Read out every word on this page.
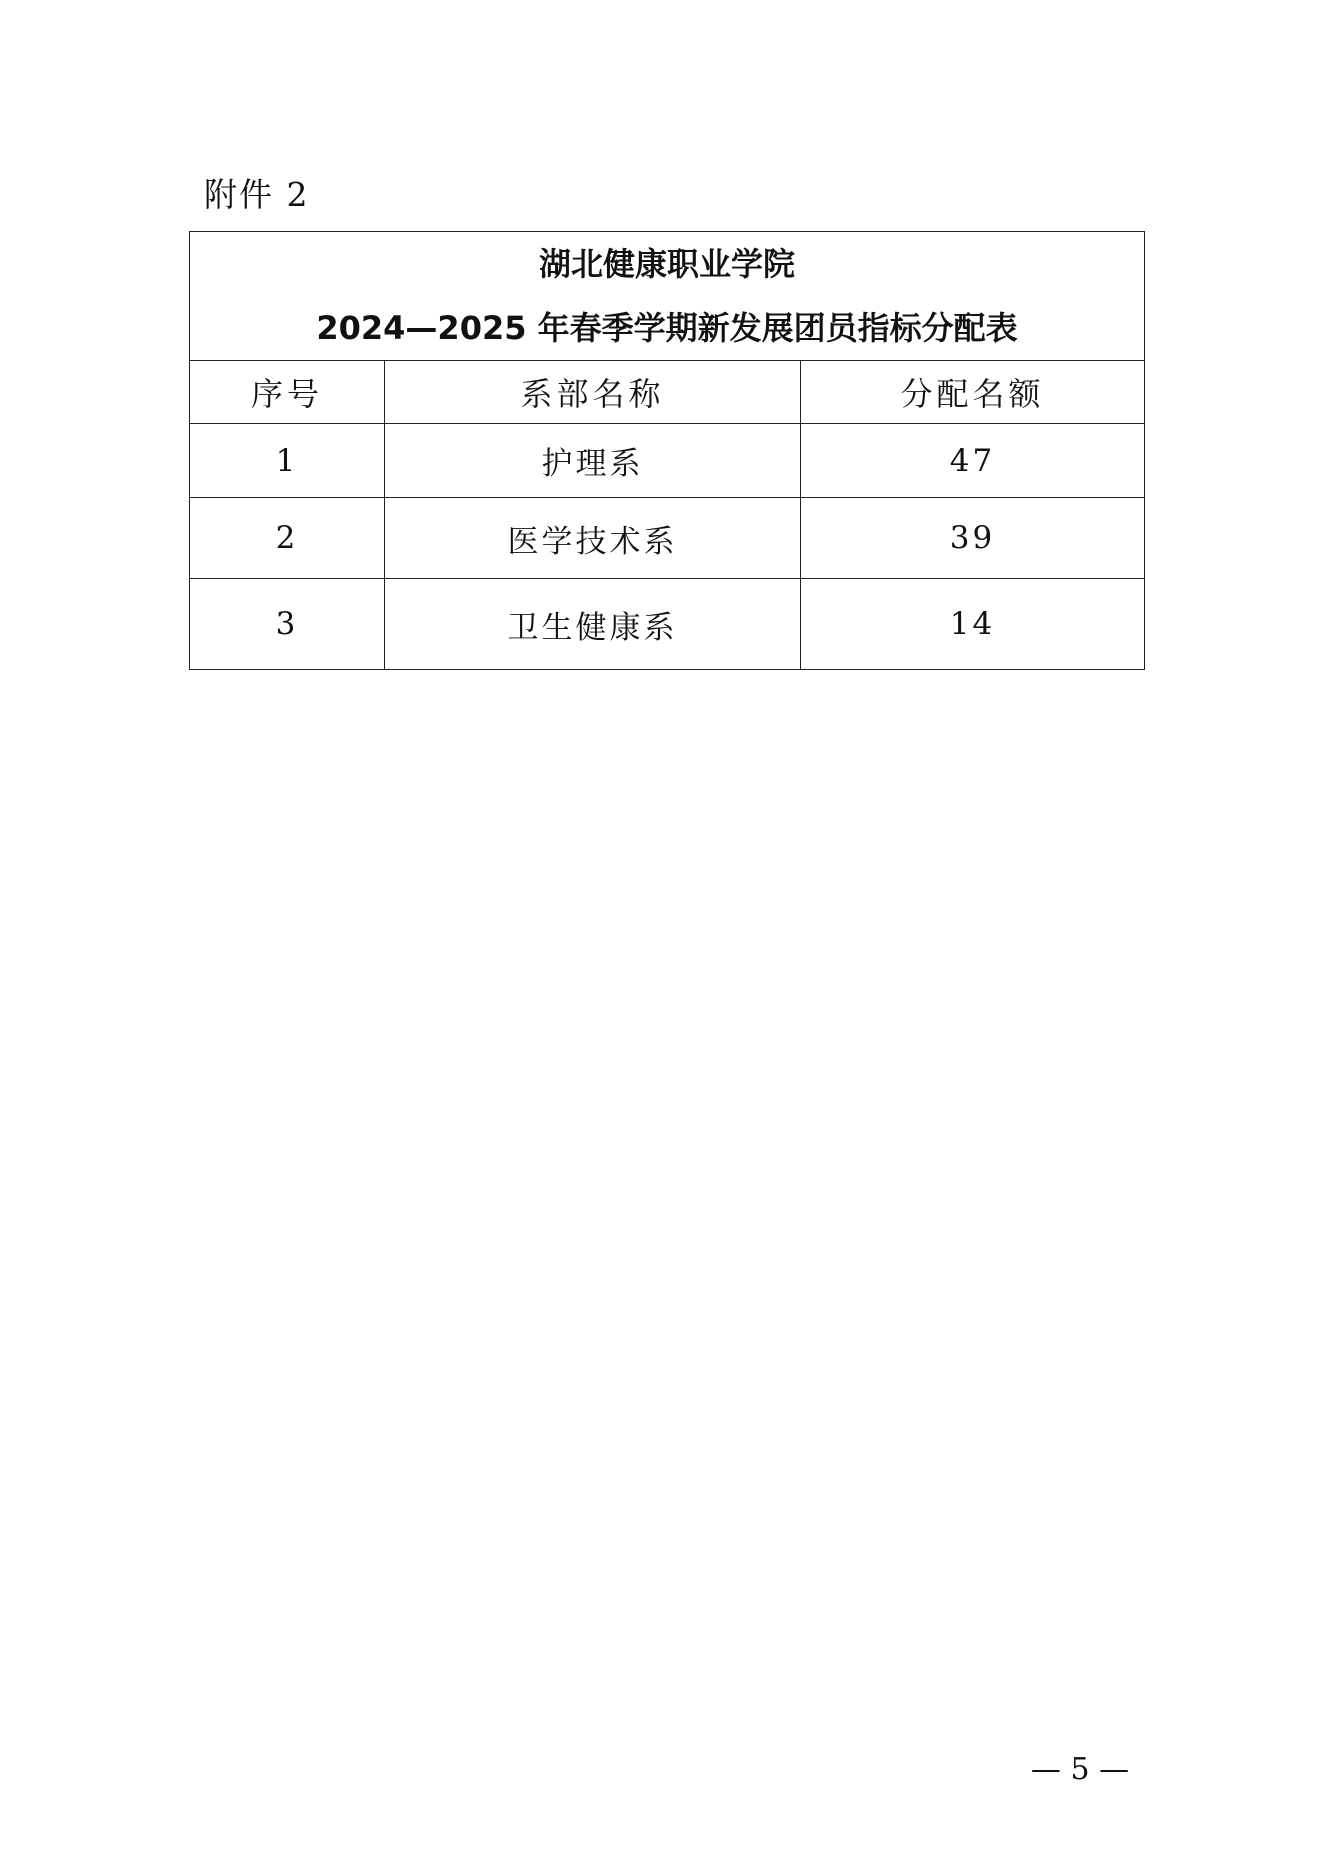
附件 2
湖北健康职业学院
2024—2025 年春季学期新发展团员指标分配表		

序号	系部名称	分配名额
1	护理系	47
2	医学技术系	39
3	卫生健康系	14
— 5 —
